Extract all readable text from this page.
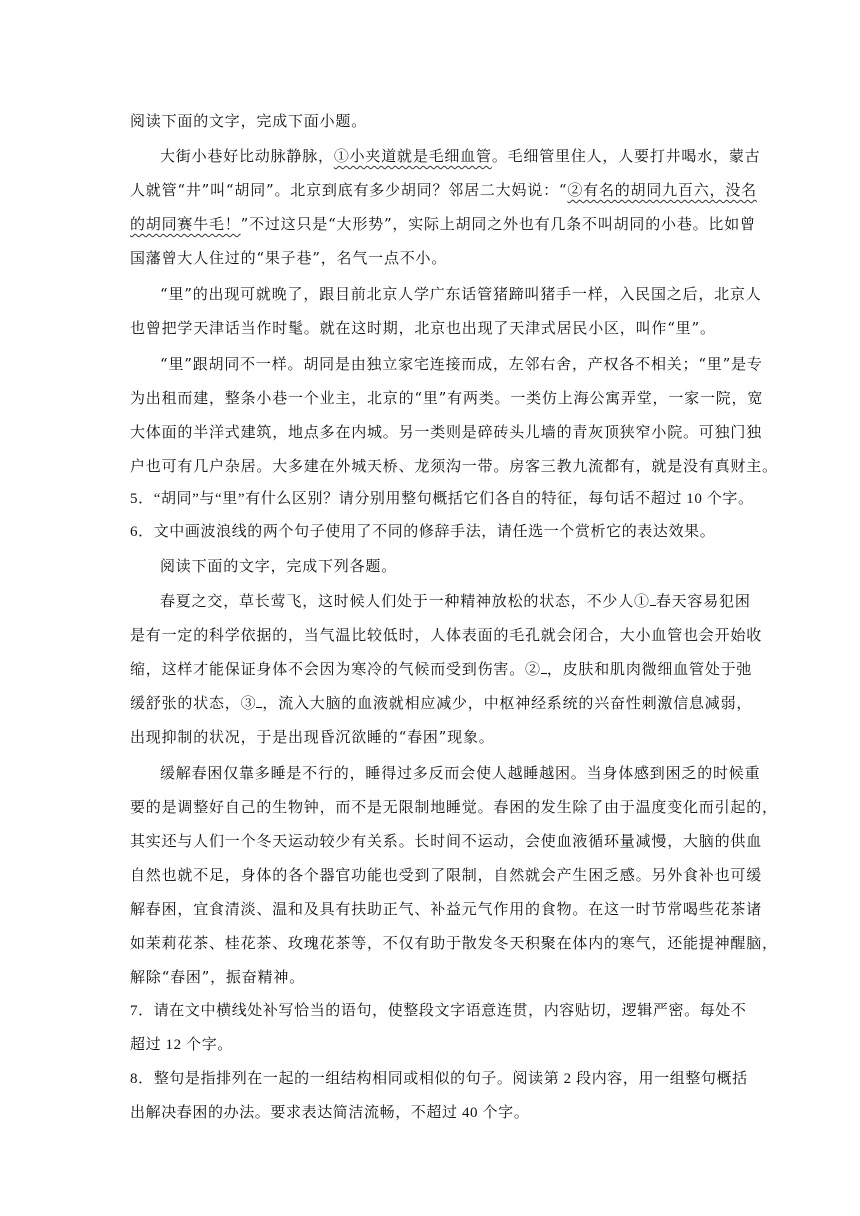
阅读下面的文字，完成下面小题。
大街小巷好比动脉静脉，①小夹道就是毛细血管。毛细管里住人，人要打井喝水，蒙古
人就管“井”叫“胡同”。北京到底有多少胡同？邻居二大妈说：“②有名的胡同九百六，没名
的胡同赛牛毛！”不过这只是“大形势”，实际上胡同之外也有几条不叫胡同的小巷。比如曾
国藩曾大人住过的“果子巷”，名气一点不小。
“里”的出现可就晚了，跟目前北京人学广东话管猪蹄叫猪手一样，入民国之后，北京人
也曾把学天津话当作时髦。就在这时期，北京也出现了天津式居民小区，叫作“里”。
“里”跟胡同不一样。胡同是由独立家宅连接而成，左邻右舍，产权各不相关；“里”是专
为出租而建，整条小巷一个业主，北京的“里”有两类。一类仿上海公寓弄堂，一家一院，宽
大体面的半洋式建筑，地点多在内城。另一类则是碎砖头儿墙的青灰顶狭窄小院。可独门独
户也可有几户杂居。大多建在外城天桥、龙须沟一带。房客三教九流都有，就是没有真财主。
5．“胡同”与“里”有什么区别？请分别用整句概括它们各自的特征，每句话不超过 10 个字。
6．文中画波浪线的两个句子使用了不同的修辞手法，请任选一个赏析它的表达效果。
阅读下面的文字，完成下列各题。
春夏之交，草长莺飞，这时候人们处于一种精神放松的状态，不少人① 春天容易犯困
是有一定的科学依据的，当气温比较低时，人体表面的毛孔就会闭合，大小血管也会开始收
缩，这样才能保证身体不会因为寒冷的气候而受到伤害。② ，皮肤和肌肉微细血管处于弛
缓舒张的状态，③ ，流入大脑的血液就相应减少，中枢神经系统的兴奋性刺激信息减弱，
出现抑制的状况，于是出现昏沉欲睡的“春困”现象。
缓解春困仅靠多睡是不行的，睡得过多反而会使人越睡越困。当身体感到困乏的时候重
要的是调整好自己的生物钟，而不是无限制地睡觉。春困的发生除了由于温度变化而引起的，
其实还与人们一个冬天运动较少有关系。长时间不运动，会使血液循环量减慢，大脑的供血
自然也就不足，身体的各个器官功能也受到了限制，自然就会产生困乏感。另外食补也可缓
解春困，宜食清淡、温和及具有扶助正气、补益元气作用的食物。在这一时节常喝些花茶诸
如茉莉花茶、桂花茶、玫瑰花茶等，不仅有助于散发冬天积聚在体内的寒气，还能提神醒脑，
解除“春困”，振奋精神。
7．请在文中横线处补写恰当的语句，使整段文字语意连贯，内容贴切，逻辑严密。每处不
超过 12 个字。
8．整句是指排列在一起的一组结构相同或相似的句子。阅读第 2 段内容，用一组整句概括
出解决春困的办法。要求表达简洁流畅，不超过 40 个字。
